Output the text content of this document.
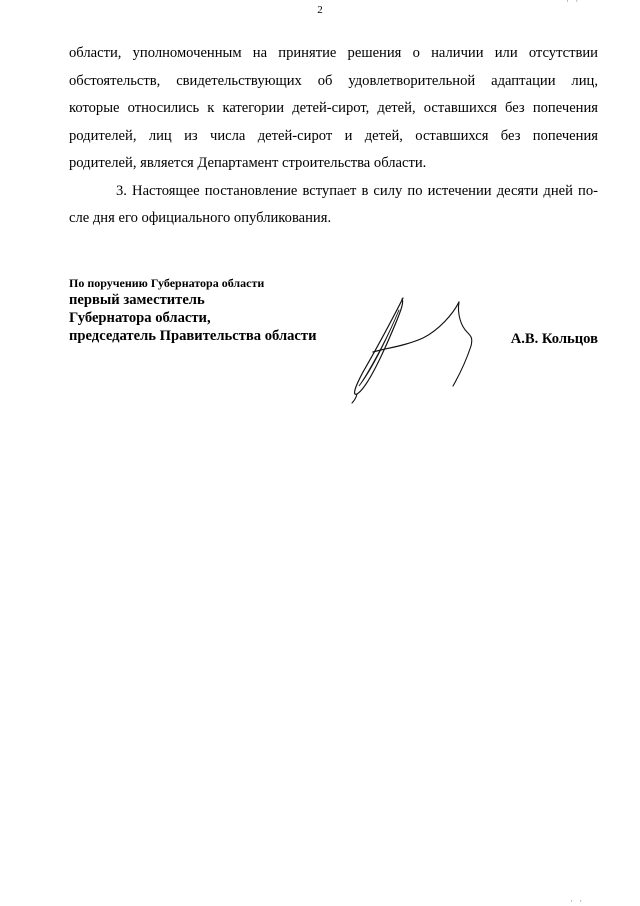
2
· ·
области, уполномоченным на принятие решения о наличии или отсутствии
обстоятельств, свидетельствующих об удовлетворительной адаптации лиц,
которые относились к категории детей-сирот, детей, оставшихся без попечения
родителей, лиц из числа детей-сирот и детей, оставшихся без попечения
родителей, является Департамент строительства области.
3. Настоящее постановление вступает в силу по истечении десяти дней по-
сле дня его официального опубликования.
По поручению Губернатора области
первый заместитель
Губернатора области,
председатель Правительства области	А.В. Кольцов
· ·
